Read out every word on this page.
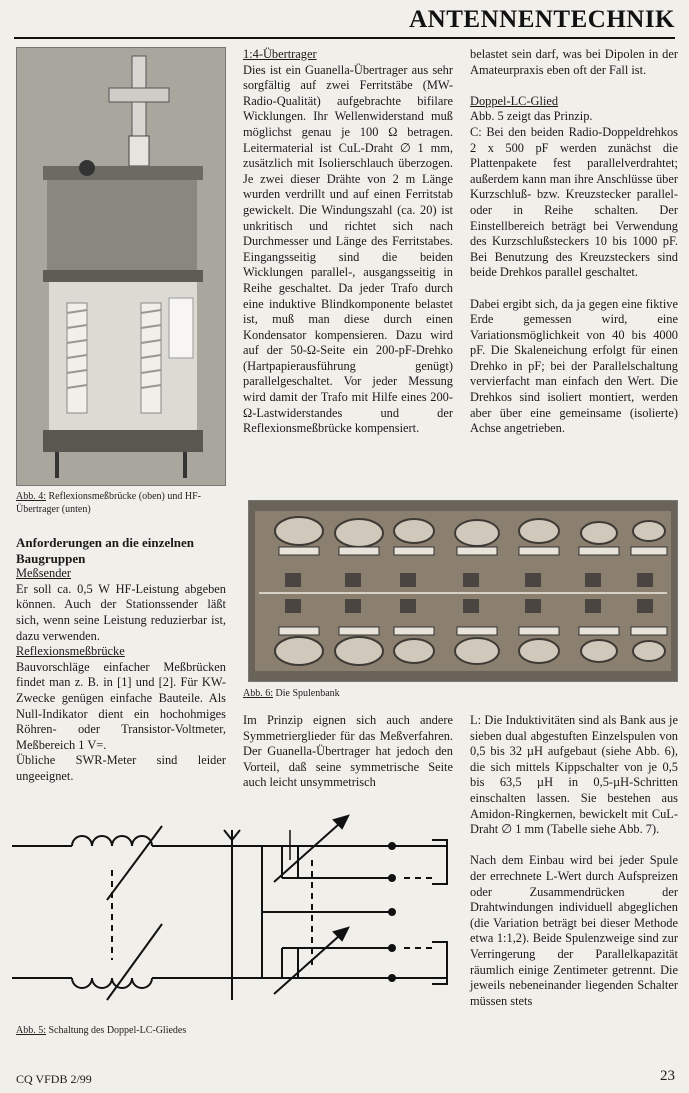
ANTENNENTECHNIK
Abb. 4: Reflexionsmeßbrücke (oben) und HF-Übertrager (unten)

Anforderungen an die einzelnen Baugruppen

Meßsender

Er soll ca. 0,5 W HF-Leistung abgeben können. Auch der Stationssender läßt sich, wenn seine Leistung reduzierbar ist, dazu verwenden.

Reflexionsmeßbrücke

Bauvorschläge einfacher Meßbrücken findet man z. B. in [1] und [2]. Für KW-Zwecke genügen einfache Bauteile. Als Null-Indikator dient ein hochohmiges Röhren- oder Transistor-Voltmeter, Meßbereich 1 V=.

Übliche SWR-Meter sind leider ungeeignet.

1:4-Übertrager

Dies ist ein Guanella-Übertrager aus sehr sorgfältig auf zwei Ferritstäbe (MW-Radio-Qualität) aufgebrachte bifilare Wicklungen. Ihr Wellenwiderstand muß möglichst genau je 100 Ω betragen. Leitermaterial ist CuL-Draht ∅ 1 mm, zusätzlich mit Isolierschlauch überzogen. Je zwei dieser Drähte von 2 m Länge wurden verdrillt und auf einen Ferritstab gewickelt. Die Windungszahl (ca. 20) ist unkritisch und richtet sich nach Durchmesser und Länge des Ferritstabes. Eingangsseitig sind die beiden Wicklungen parallel-, ausgangsseitig in Reihe geschaltet. Da jeder Trafo durch eine induktive Blindkomponente belastet ist, muß man diese durch einen Kondensator kompensieren. Dazu wird auf der 50-Ω-Seite ein 200-pF-Drehko (Hartpapierausführung genügt) parallelgeschaltet. Vor jeder Messung wird damit der Trafo mit Hilfe eines 200-Ω-Lastwiderstandes und der Reflexionsmeßbrücke kompensiert.

belastet sein darf, was bei Dipolen in der Amateurpraxis eben oft der Fall ist.

Doppel-LC-Glied

Abb. 5 zeigt das Prinzip.

C: Bei den beiden Radio-Doppeldrehkos 2 x 500 pF werden zunächst die Plattenpakete fest parallelverdrahtet; außerdem kann man ihre Anschlüsse über Kurzschluß- bzw. Kreuzstecker parallel- oder in Reihe schalten. Der Einstellbereich beträgt bei Verwendung des Kurzschlußsteckers 10 bis 1000 pF. Bei Benutzung des Kreuzsteckers sind beide Drehkos parallel geschaltet.

Dabei ergibt sich, da ja gegen eine fiktive Erde gemessen wird, eine Variationsmöglichkeit von 40 bis 4000 pF. Die Skaleneichung erfolgt für einen Drehko in pF; bei der Parallelschaltung vervierfacht man einfach den Wert. Die Drehkos sind isoliert montiert, werden aber über eine gemeinsame (isolierte) Achse angetrieben.

Abb. 6: Die Spulenbank

Im Prinzip eignen sich auch andere Symmetrierglieder für das Meßverfahren. Der Guanella-Übertrager hat jedoch den Vorteil, daß seine symmetrische Seite auch leicht unsymmetrisch

L: Die Induktivitäten sind als Bank aus je sieben dual abgestuften Einzelspulen von 0,5 bis 32 µH aufgebaut (siehe Abb. 6), die sich mittels Kippschalter von je 0,5 bis 63,5 µH in 0,5-µH-Schritten einschalten lassen. Sie bestehen aus Amidon-Ringkernen, bewickelt mit CuL-Draht ∅ 1 mm (Tabelle siehe Abb. 7).

Nach dem Einbau wird bei jeder Spule der errechnete L-Wert durch Aufspreizen oder Zusammendrücken der Drahtwindungen individuell abgeglichen (die Variation beträgt bei dieser Methode etwa 1:1,2). Beide Spulenzweige sind zur Verringerung der Parallelkapazität räumlich einige Zentimeter getrennt. Die jeweils nebeneinander liegenden Schalter müssen stets

Abb. 5: Schaltung des Doppel-LC-Gliedes
CQ VFDB 2/99	23
